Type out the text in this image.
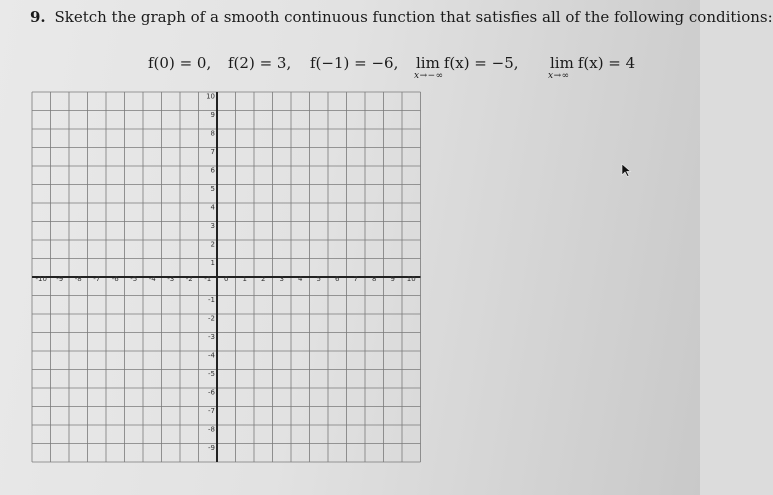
9. Sketch the graph of a smooth continuous function that satisfies all of the following conditions:
f(0) = 0, f(2) = 3, f(−1) = −6, lim
x→−∞
f(x) = −5, lim
x→∞
f(x) = 4
-10 -9 -8 -7 -6 -5 -4 -3 -2 -1 0 1 2 3 4 5 6 7 8 9 10
10
9
8
7
6
5
4
3
2
1
-1
-2
-3
-4
-5
-6
-7
-8
-9
